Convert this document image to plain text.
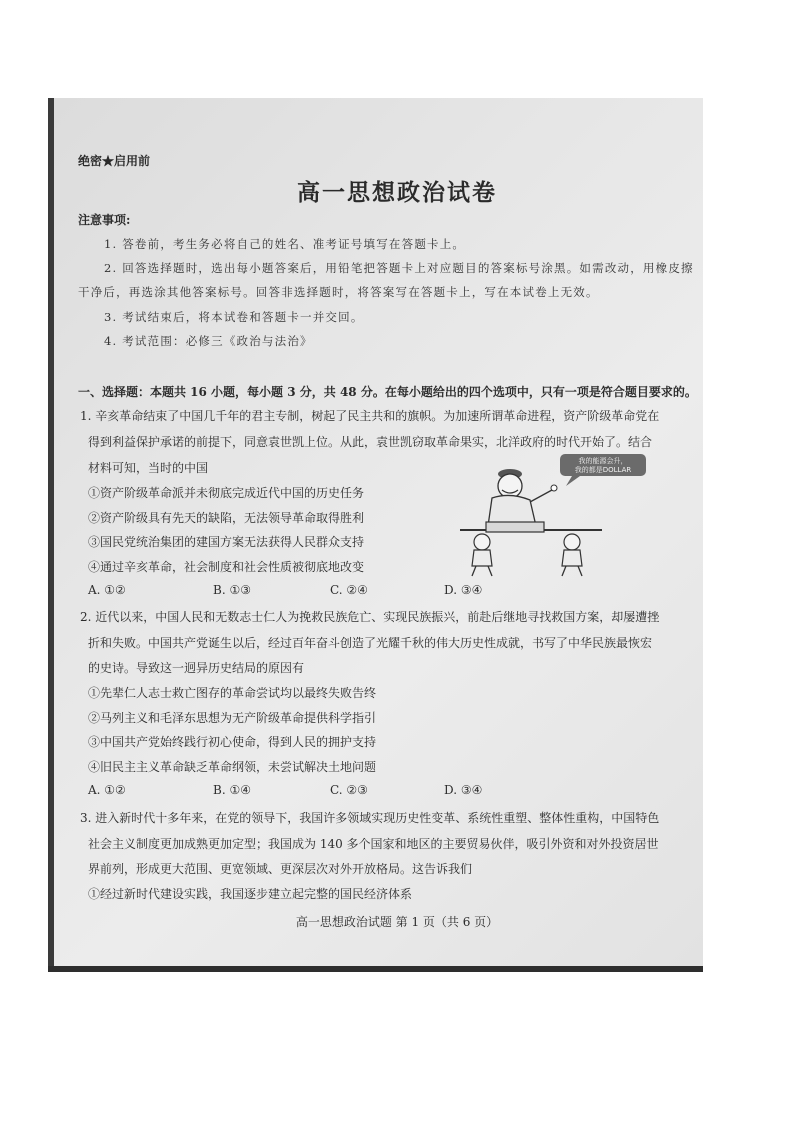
绝密★启用前
高一思想政治试卷
注意事项:
1. 答卷前，考生务必将自己的姓名、准考证号填写在答题卡上。
2. 回答选择题时，选出每小题答案后，用铅笔把答题卡上对应题目的答案标号涂黑。如需改动，用橡皮擦
干净后，再选涂其他答案标号。回答非选择题时，将答案写在答题卡上，写在本试卷上无效。
3. 考试结束后，将本试卷和答题卡一并交回。
4. 考试范围：必修三《政治与法治》
一、选择题：本题共 16 小题，每小题 3 分，共 48 分。在每小题给出的四个选项中，只有一项是符合题目要求的。
1. 辛亥革命结束了中国几千年的君主专制，树起了民主共和的旗帜。为加速所谓革命进程，资产阶级革命党在
得到利益保护承诺的前提下，同意袁世凯上位。从此，袁世凯窃取革命果实，北洋政府的时代开始了。结合
材料可知，当时的中国
①资产阶级革命派并未彻底完成近代中国的历史任务
②资产阶级具有先天的缺陷，无法领导革命取得胜利
③国民党统治集团的建国方案无法获得人民群众支持
④通过辛亥革命，社会制度和社会性质被彻底地改变
A. ①②	B. ①③	C. ②④	D. ③④
我的能源会升，
我的都是DOLLAR
2. 近代以来，中国人民和无数志士仁人为挽救民族危亡、实现民族振兴，前赴后继地寻找救国方案，却屡遭挫
折和失败。中国共产党诞生以后，经过百年奋斗创造了光耀千秋的伟大历史性成就，书写了中华民族最恢宏
的史诗。导致这一迥异历史结局的原因有
①先辈仁人志士救亡图存的革命尝试均以最终失败告终
②马列主义和毛泽东思想为无产阶级革命提供科学指引
③中国共产党始终践行初心使命，得到人民的拥护支持
④旧民主主义革命缺乏革命纲领，未尝试解决土地问题
A. ①②	B. ①④	C. ②③	D. ③④
3. 进入新时代十多年来，在党的领导下，我国许多领域实现历史性变革、系统性重塑、整体性重构，中国特色
社会主义制度更加成熟更加定型；我国成为 140 多个国家和地区的主要贸易伙伴，吸引外资和对外投资居世
界前列，形成更大范围、更宽领域、更深层次对外开放格局。这告诉我们
①经过新时代建设实践，我国逐步建立起完整的国民经济体系
高一思想政治试题 第 1 页（共 6 页）
